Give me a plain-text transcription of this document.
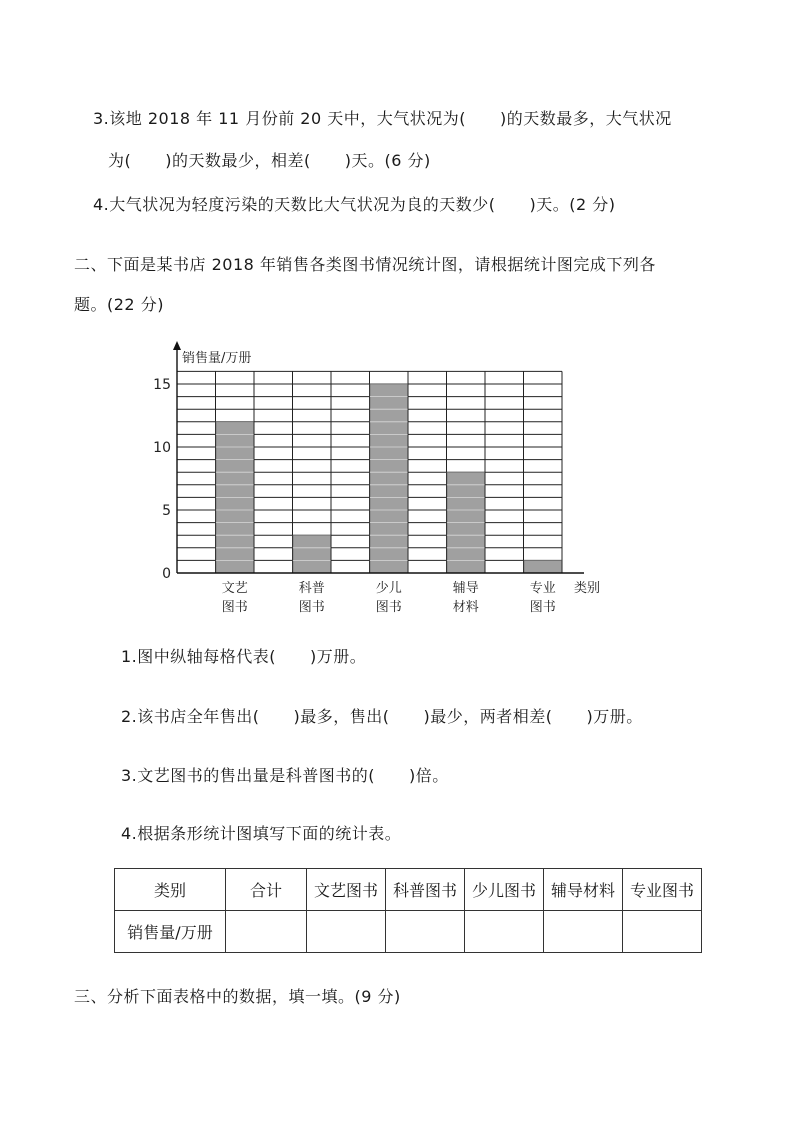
3.该地 2018 年 11 月份前 20 天中，大气状况为( )的天数最多，大气状况
为( )的天数最少，相差( )天。(6 分)
4.大气状况为轻度污染的天数比大气状况为良的天数少( )天。(2 分)
二、下面是某书店 2018 年销售各类图书情况统计图，请根据统计图完成下列各
题。(22 分)
文艺
图书
科普
图书
少儿
图书
辅导
材料
专业
图书
0
5
10
15
销售量/万册
类别
1.图中纵轴每格代表( )万册。
2.该书店全年售出( )最多，售出( )最少，两者相差( )万册。
3.文艺图书的售出量是科普图书的( )倍。
4.根据条形统计图填写下面的统计表。
类别	合计	文艺图书	科普图书	少儿图书	辅导材料	专业图书
销售量/万册						
三、分析下面表格中的数据，填一填。(9 分)
